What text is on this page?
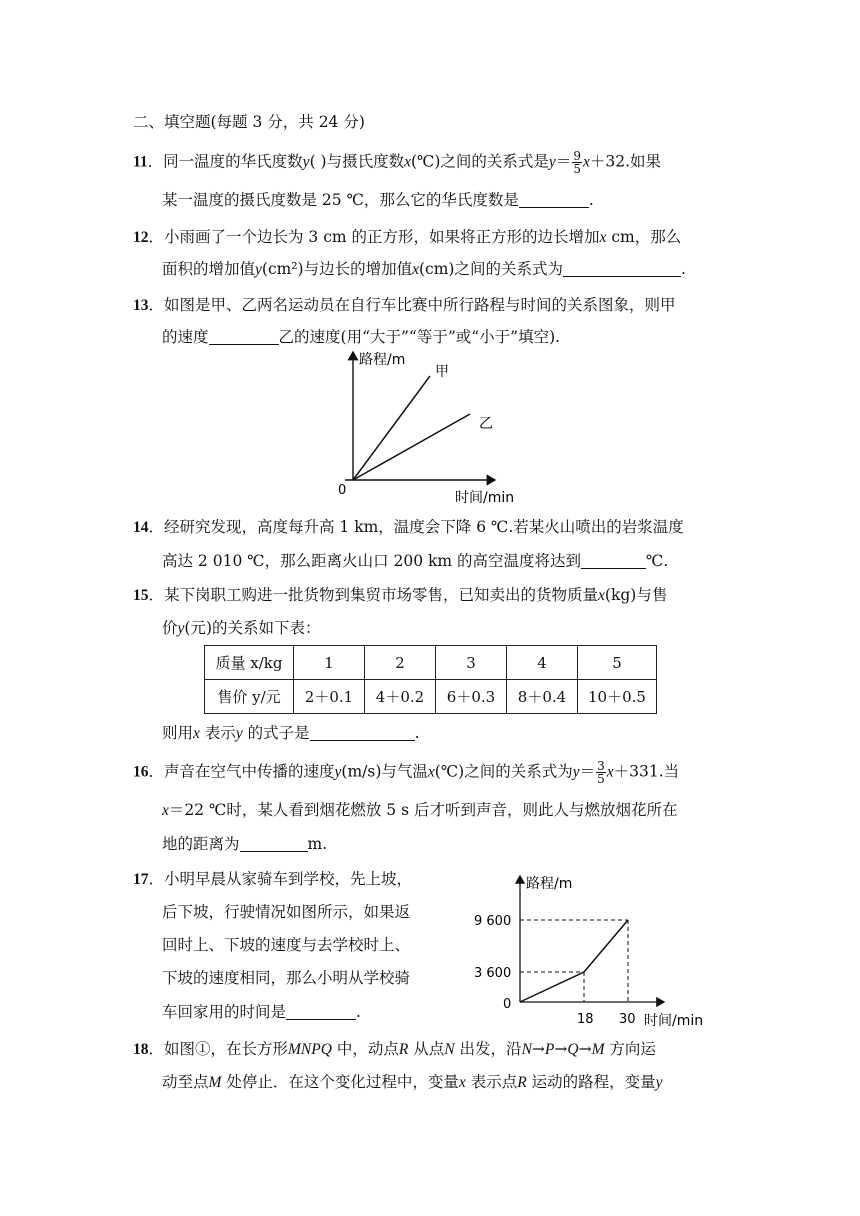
二、填空题(每题 3 分，共 24 分)
11．同一温度的华氏度数y( )与摄氏度数x(℃)之间的关系式是$y= \frac{9}{5} x+32$.如果
某一温度的摄氏度数是 25 ℃，那么它的华氏度数是	.
12．小雨画了一个边长为 3 cm 的正方形，如果将正方形的边长增加x cm，那么
面积的增加值y(cm²)与边长的增加值x(cm)之间的关系式为	.
13．如图是甲、乙两名运动员在自行车比赛中所行路程与时间的关系图象，则甲
的速度	乙的速度(用“大于”“等于”或“小于”填空).
路程/m
时间/min
0
甲
乙
14．经研究发现，高度每升高 1 km，温度会下降 6 ℃.若某火山喷出的岩浆温度
高达 2 010 ℃，那么距离火山口 200 km 的高空温度将达到	℃.
15．某下岗职工购进一批货物到集贸市场零售，已知卖出的货物质量x(kg)与售
价y(元)的关系如下表：
质量 x/kg	1	2	3	4	5
售价 y/元	2＋0.1	4＋0.2	6＋0.3	8＋0.4	10＋0.5
则用x 表示y 的式子是	.
16．声音在空气中传播的速度y(m/s)与气温x(℃)之间的关系式为$y= \frac{3}{5} x+331$.当
x＝22 ℃时，某人看到烟花燃放 5 s 后才听到声音，则此人与燃放烟花所在
地的距离为	m.
17．小明早晨从家骑车到学校，先上坡，
后下坡，行驶情况如图所示，如果返
回时上、下坡的速度与去学校时上、
下坡的速度相同，那么小明从学校骑
车回家用的时间是	.
路程/m
时间/min
0
9 600
3 600
18 30
18．如图①，在长方形MNPQ 中，动点R 从点N 出发，沿N→P→Q→M 方向运
动至点M 处停止．在这个变化过程中，变量x 表示点R 运动的路程，变量y
